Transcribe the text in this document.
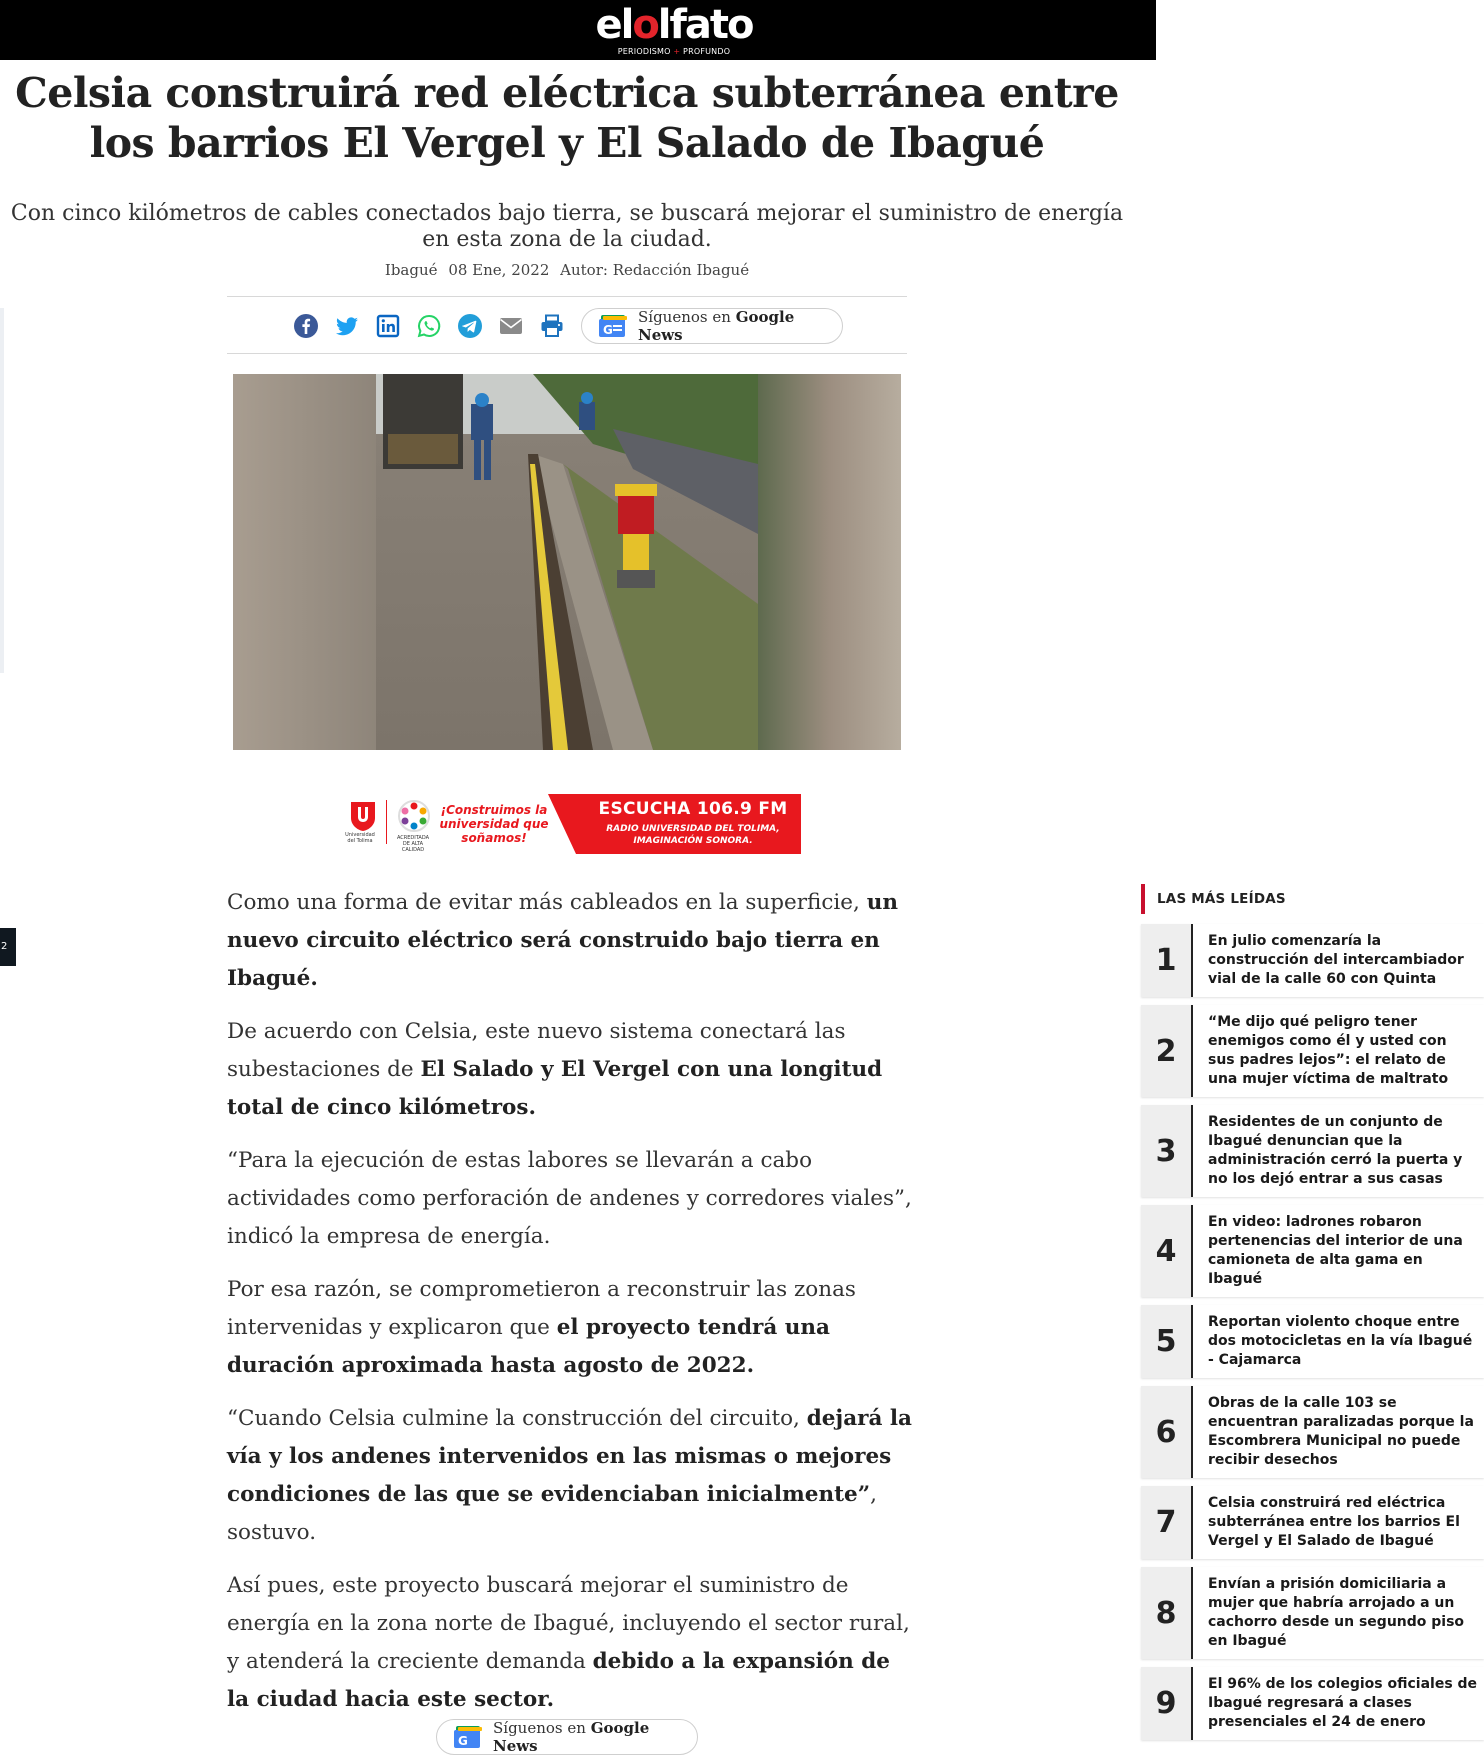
elolfato
PERIODISMO + PROFUNDO
2
Celsia construirá red eléctrica subterránea entre los barrios El Vergel y El Salado de Ibagué
Con cinco kilómetros de cables conectados bajo tierra, se buscará mejorar el suministro de energía en esta zona de la ciudad.
Ibagué 08 Ene, 2022 Autor: Redacción Ibagué
G
Síguenos en Google News
Universidad del Tolima	ACREDITADA DE ALTA CALIDAD
¡Construimos la universidad que soñamos!
ESCUCHA 106.9 FM
RADIO UNIVERSIDAD DEL TOLIMA,
IMAGINACIÓN SONORA.

Como una forma de evitar más cableados en la superficie, un nuevo circuito eléctrico será construido bajo tierra en Ibagué.

De acuerdo con Celsia, este nuevo sistema conectará las subestaciones de El Salado y El Vergel con una longitud total de cinco kilómetros.

“Para la ejecución de estas labores se llevarán a cabo actividades como perforación de andenes y corredores viales”, indicó la empresa de energía.

Por esa razón, se comprometieron a reconstruir las zonas intervenidas y explicaron que el proyecto tendrá una duración aproximada hasta agosto de 2022.

“Cuando Celsia culmine la construcción del circuito, dejará la vía y los andenes intervenidos en las mismas o mejores condiciones de las que se evidenciaban inicialmente”, sostuvo.

Así pues, este proyecto buscará mejorar el suministro de energía en la zona norte de Ibagué, incluyendo el sector rural, y atenderá la creciente demanda debido a la expansión de la ciudad hacia este sector.

G
Síguenos en Google News
LAS MÁS LEÍDAS
1
En julio comenzaría la construcción del intercambiador vial de la calle 60 con Quinta
2
“Me dijo qué peligro tener enemigos como él y usted con sus padres lejos”: el relato de una mujer víctima de maltrato
3
Residentes de un conjunto de Ibagué denuncian que la administración cerró la puerta y no los dejó entrar a sus casas
4
En video: ladrones robaron pertenencias del interior de una camioneta de alta gama en Ibagué
5
Reportan violento choque entre dos motocicletas en la vía Ibagué - Cajamarca
6
Obras de la calle 103 se encuentran paralizadas porque la Escombrera Municipal no puede recibir desechos
7
Celsia construirá red eléctrica subterránea entre los barrios El Vergel y El Salado de Ibagué
8
Envían a prisión domiciliaria a mujer que habría arrojado a un cachorro desde un segundo piso en Ibagué
9
El 96% de los colegios oficiales de Ibagué regresará a clases presenciales el 24 de enero
